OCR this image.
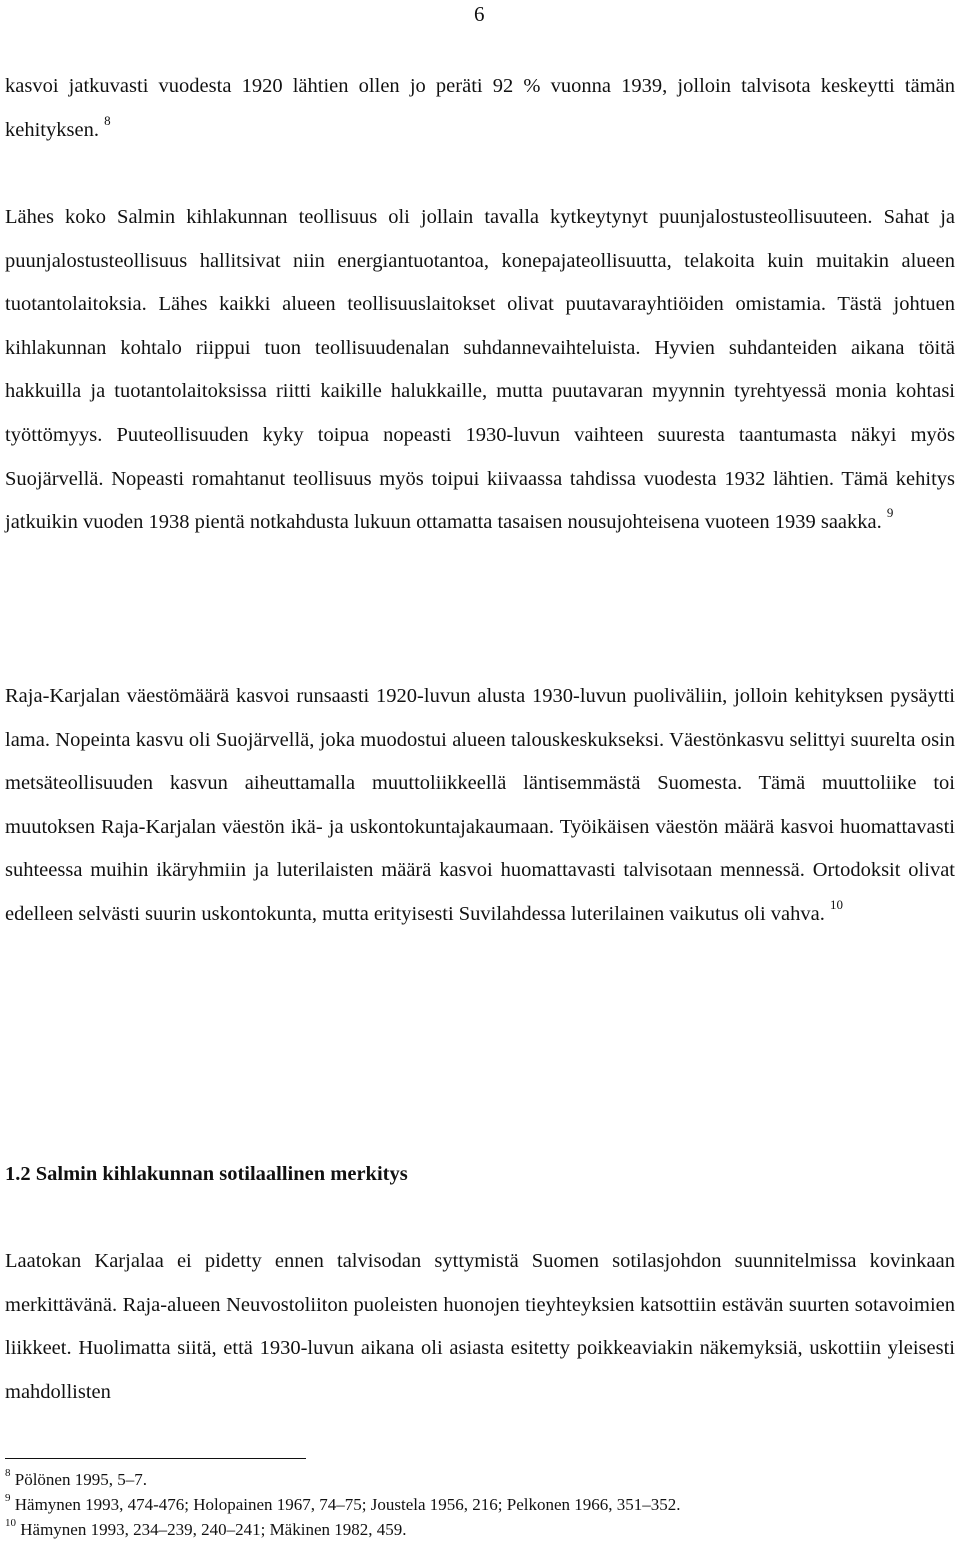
6

kasvoi jatkuvasti vuodesta 1920 lähtien ollen jo peräti 92 % vuonna 1939, jolloin talvisota keskeytti tämän kehityksen. $^8$

Lähes koko Salmin kihlakunnan teollisuus oli jollain tavalla kytkeytynyt puunjalostusteollisuuteen. Sahat ja puunjalostusteollisuus hallitsivat niin energiantuotantoa, konepajateollisuutta, telakoita kuin muitakin alueen tuotantolaitoksia. Lähes kaikki alueen teollisuuslaitokset olivat puutavarayhtiöiden omistamia. Tästä johtuen kihlakunnan kohtalo riippui tuon teollisuudenalan suhdannevaihteluista. Hyvien suhdanteiden aikana töitä hakkuilla ja tuotantolaitoksissa riitti kaikille halukkaille, mutta puutavaran myynnin tyrehtyessä monia kohtasi työttömyys. Puuteollisuuden kyky toipua nopeasti 1930-luvun vaihteen suuresta taantumasta näkyi myös Suojärvellä. Nopeasti romahtanut teollisuus myös toipui kiivaassa tahdissa vuodesta 1932 lähtien. Tämä kehitys jatkuikin vuoden 1938 pientä notkahdusta lukuun ottamatta tasaisen nousujohteisena vuoteen 1939 saakka. $^9$

Raja-Karjalan väestömäärä kasvoi runsaasti 1920-luvun alusta 1930-luvun puoliväliin, jolloin kehityksen pysäytti lama. Nopeinta kasvu oli Suojärvellä, joka muodostui alueen talouskeskukseksi. Väestönkasvu selittyi suurelta osin metsäteollisuuden kasvun aiheuttamalla muuttoliikkeellä läntisemmästä Suomesta. Tämä muuttoliike toi muutoksen Raja-Karjalan väestön ikä- ja uskontokuntajakaumaan. Työikäisen väestön määrä kasvoi huomattavasti suhteessa muihin ikäryhmiin ja luterilaisten määrä kasvoi huomattavasti talvisotaan mennessä. Ortodoksit olivat edelleen selvästi suurin uskontokunta, mutta erityisesti Suvilahdessa luterilainen vaikutus oli vahva. $^{10}$

1.2 Salmin kihlakunnan sotilaallinen merkitys

Laatokan Karjalaa ei pidetty ennen talvisodan syttymistä Suomen sotilasjohdon suunnitelmissa kovinkaan merkittävänä. Raja-alueen Neuvostoliiton puoleisten huonojen tieyhteyksien katsottiin estävän suurten sotavoimien liikkeet. Huolimatta siitä, että 1930-luvun aikana oli asiasta esitetty poikkeaviakin näkemyksiä, uskottiin yleisesti mahdollisten

$^8$ Pölönen 1995, 5–7.

$^9$ Hämynen 1993, 474-476; Holopainen 1967, 74–75; Joustela 1956, 216; Pelkonen 1966, 351–352.

$^{10}$ Hämynen 1993, 234–239, 240–241; Mäkinen 1982, 459.
